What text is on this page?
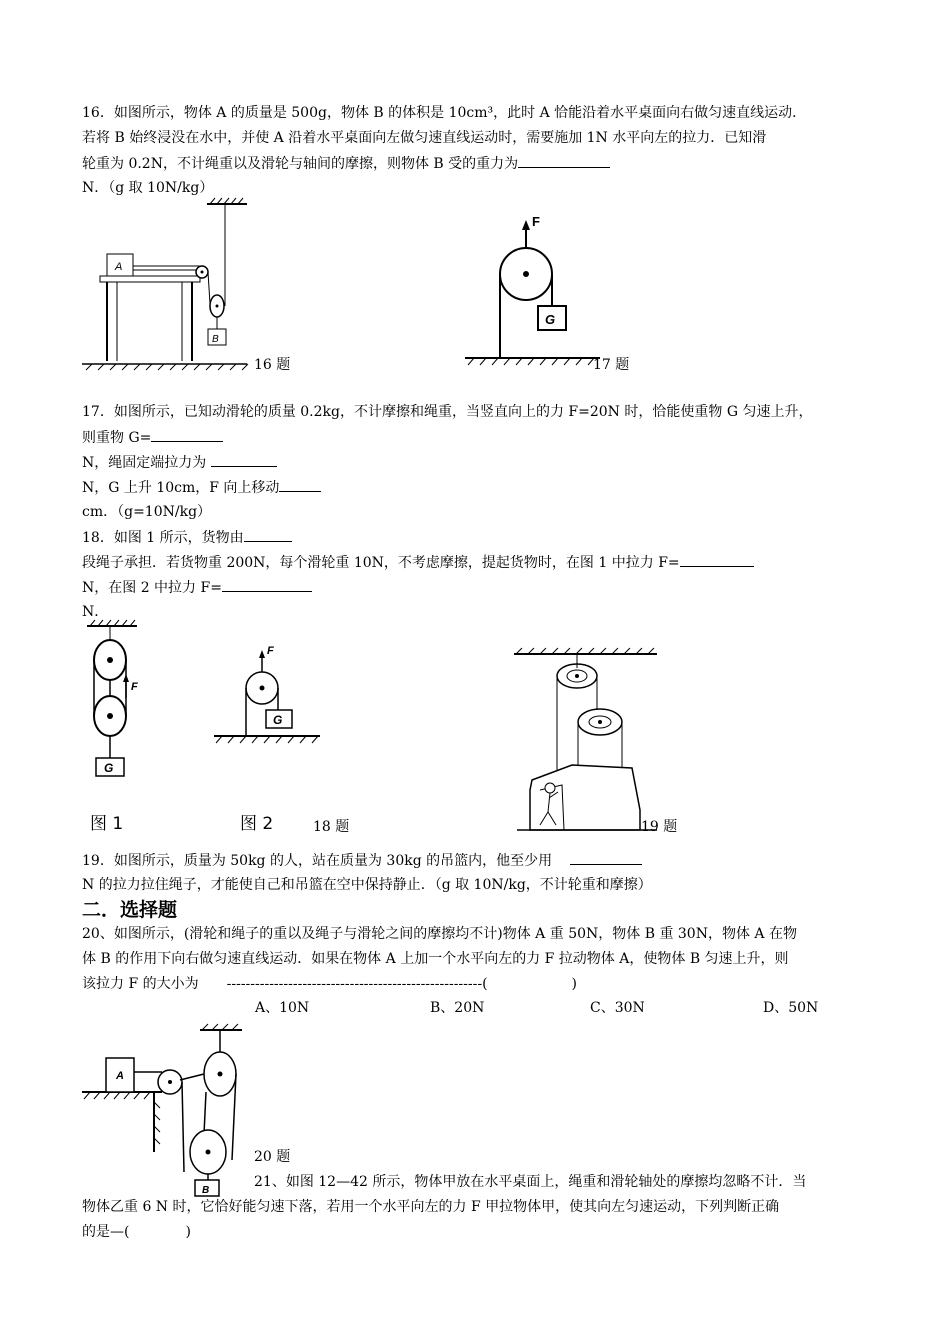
16．如图所示，物体 A 的质量是 500g，物体 B 的体积是 10cm³，此时 A 恰能沿着水平桌面向右做匀速直线运动．
若将 B 始终浸没在水中，并使 A 沿着水平桌面向左做匀速直线运动时，需要施加 1N 水平向左的拉力．已知滑
轮重为 0.2N，不计绳重以及滑轮与轴间的摩擦，则物体 B 受的重力为
N．（g 取 10N/kg）
A
B
16 题
F
G
17 题
17．如图所示，已知动滑轮的质量 0.2kg，不计摩擦和绳重，当竖直向上的力 F=20N 时，恰能使重物 G 匀速上升，
则重物 G=
N，绳固定端拉力为
N，G 上升 10cm，F 向上移动
cm．（g=10N/kg）
18．如图 1 所示，货物由
段绳子承担．若货物重 200N，每个滑轮重 10N，不考虑摩擦，提起货物时，在图 1 中拉力 F=
N，在图 2 中拉力 F=
N．
F
G
F
G
图 1	图 2	18 题	19 题
19．如图所示，质量为 50kg 的人，站在质量为 30kg 的吊篮内，他至少用
N 的拉力拉住绳子，才能使自己和吊篮在空中保持静止．（g 取 10N/kg，不计轮重和摩擦）
二．选择题
20、如图所示，(滑轮和绳子的重以及绳子与滑轮之间的摩擦均不计)物体 A 重 50N，物体 B 重 30N，物体 A 在物
体 B 的作用下向右做匀速直线运动．如果在物体 A 上加一个水平向左的力 F 拉动物体 A，使物体 B 匀速上升，则
该拉力 F 的大小为 ------------------------------------------------------(	)
A、10N	B、20N	C、30N	D、50N
A
B
20 题
21、如图 12—42 所示，物体甲放在水平桌面上，绳重和滑轮轴处的摩擦均忽略不计．当
物体乙重 6 N 时，它恰好能匀速下落，若用一个水平向左的力 F 甲拉物体甲，使其向左匀速运动，下列判断正确
的是—(	)
